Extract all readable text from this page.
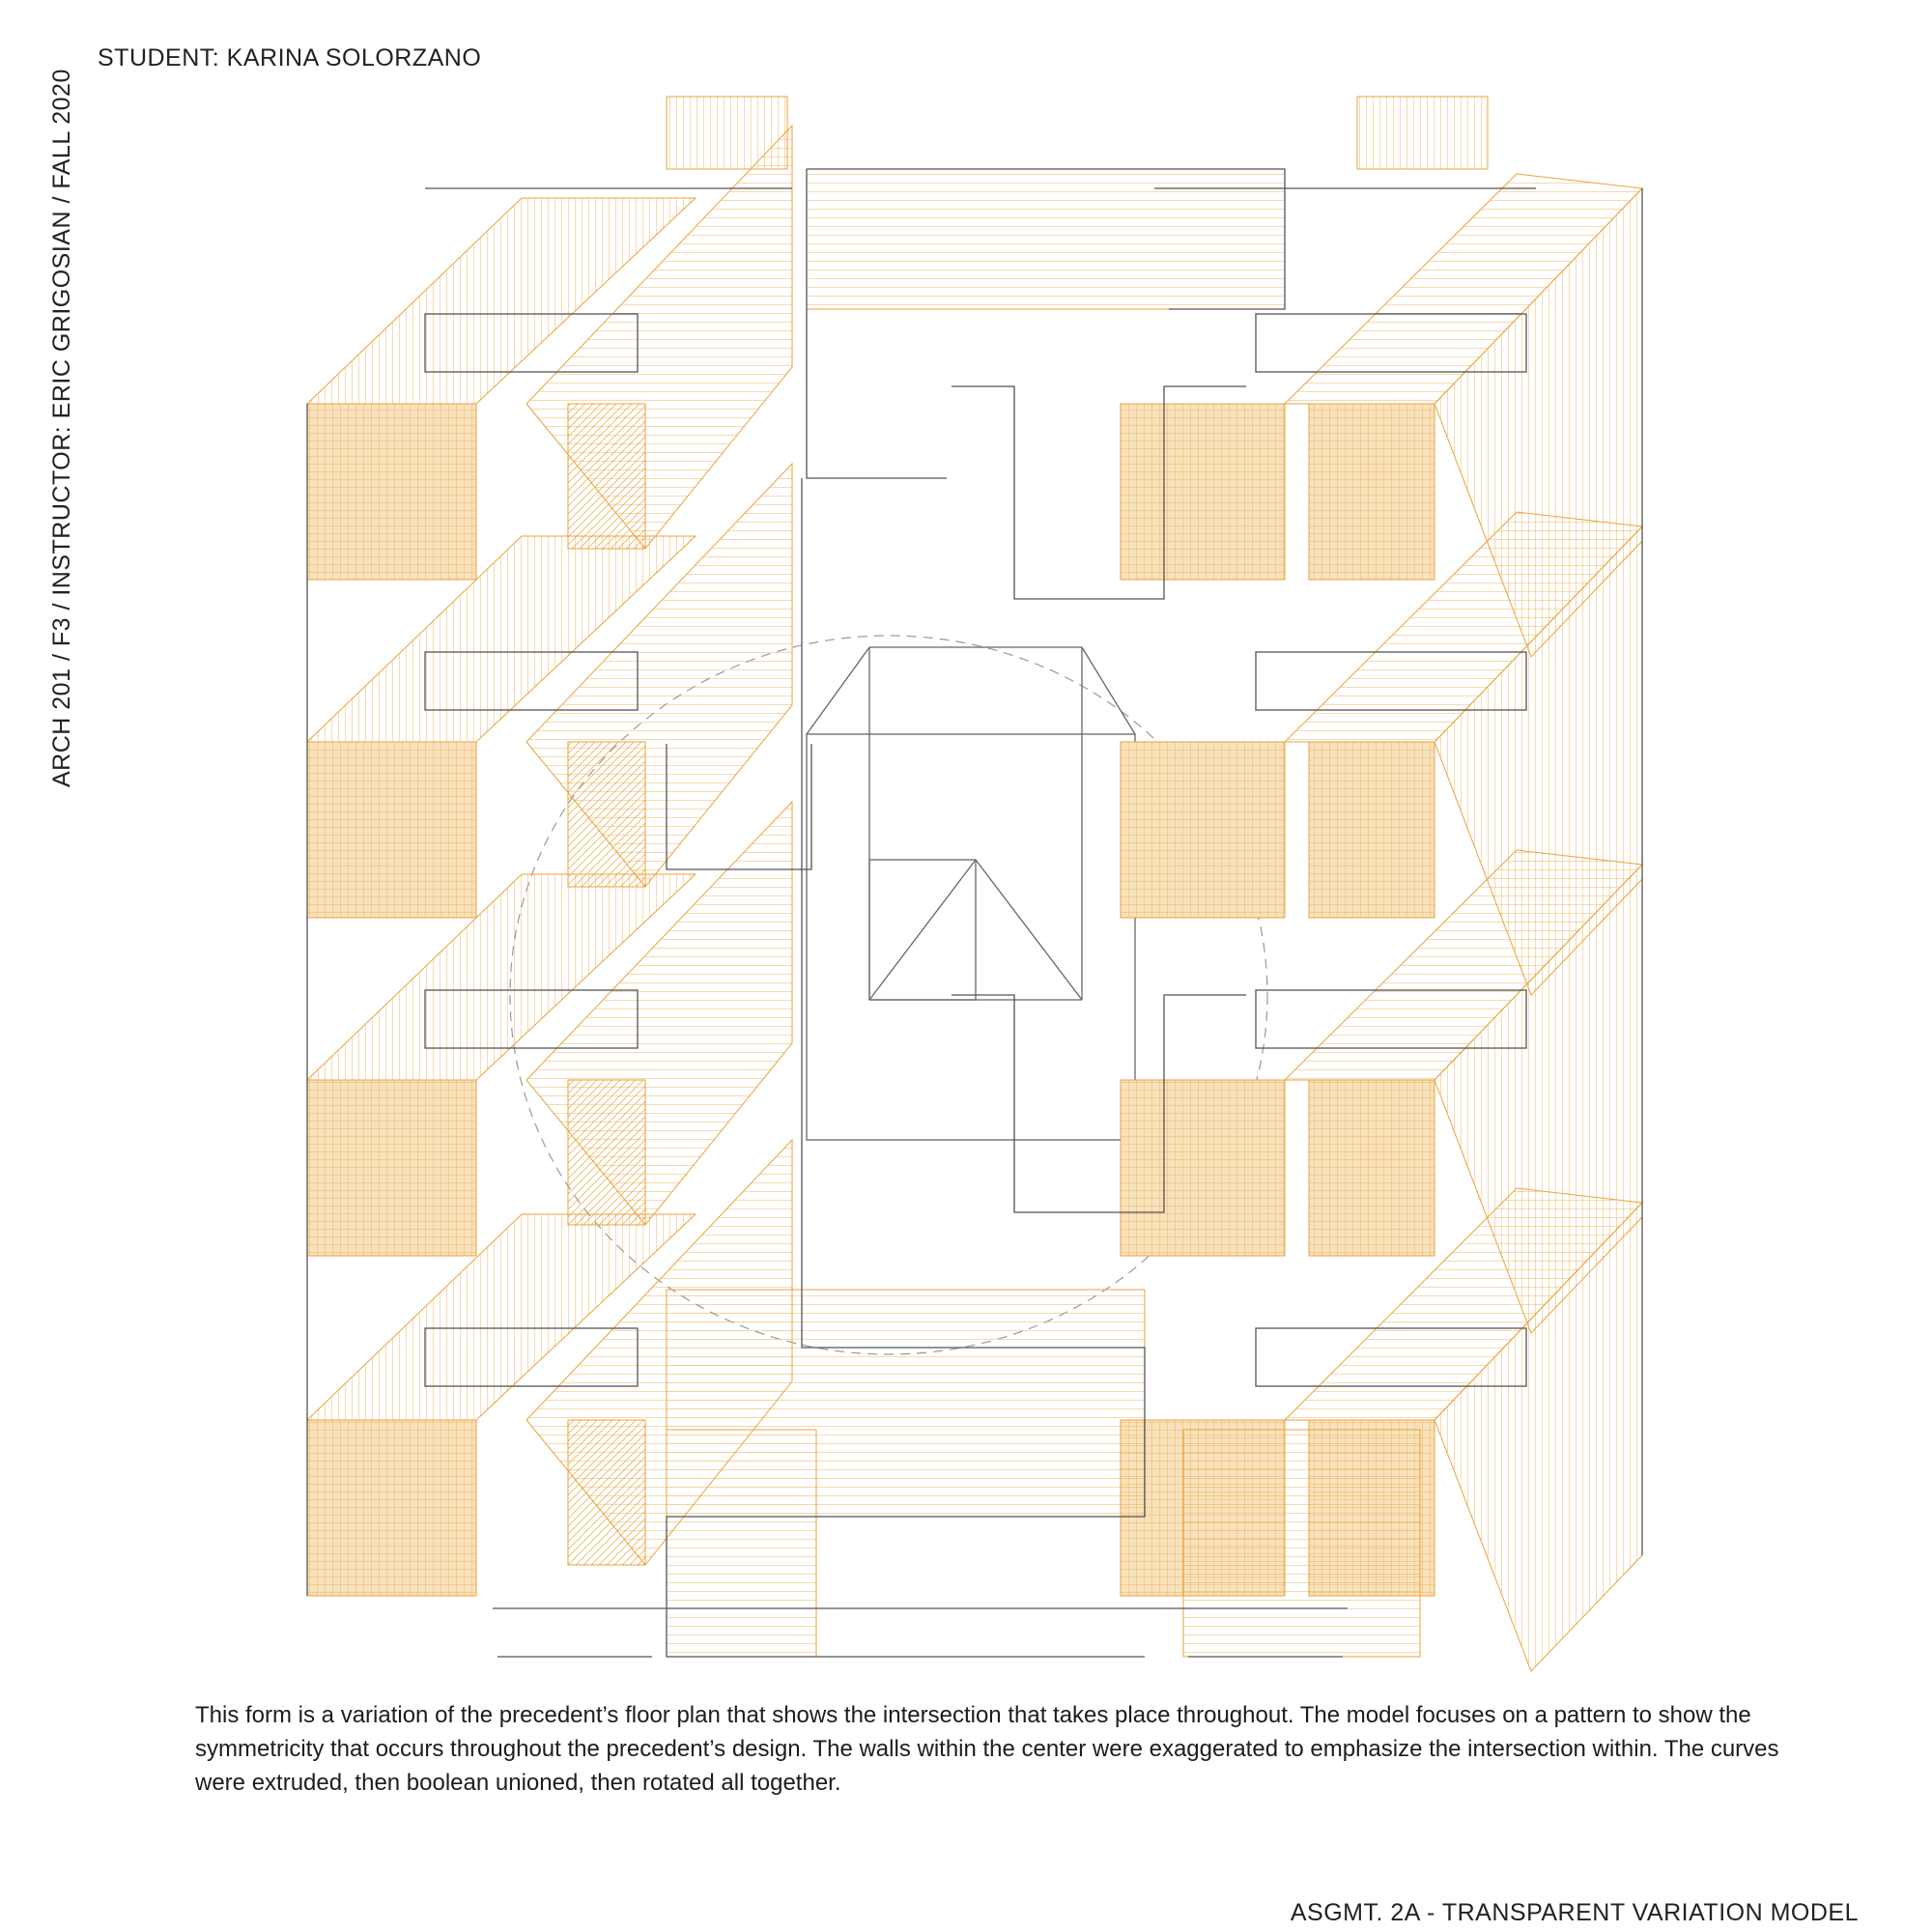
STUDENT: KARINA SOLORZANO
ARCH 201 / F3 / INSTRUCTOR: ERIC GRIGOSIAN / FALL 2020

This form is a variation of the precedent’s floor plan that shows the intersection that takes place throughout. The model focuses on a pattern to show the symmetricity that occurs throughout the precedent’s design. The walls within the center were exaggerated to emphasize the intersection within. The curves were extruded, then boolean unioned, then rotated all together.

ASGMT. 2A - TRANSPARENT VARIATION MODEL
